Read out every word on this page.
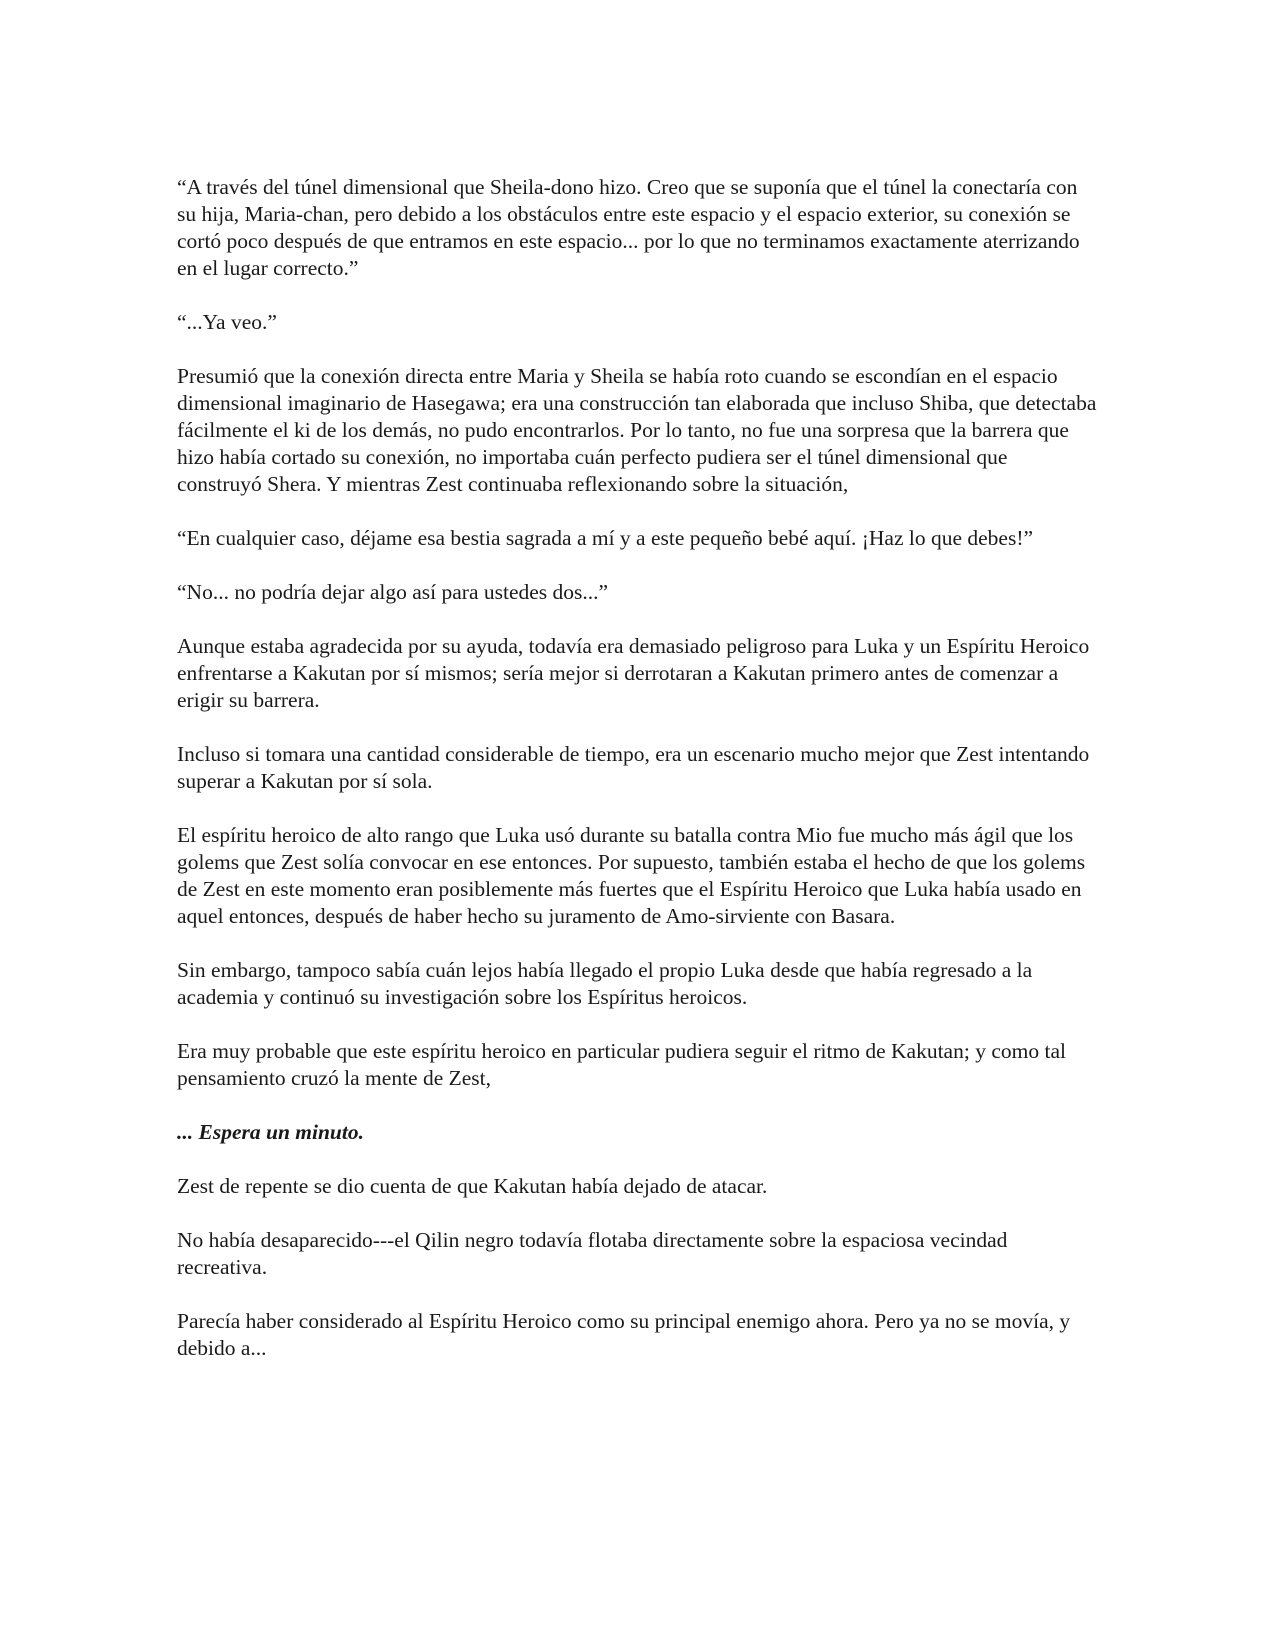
“A través del túnel dimensional que Sheila-dono hizo. Creo que se suponía que el túnel la conectaría con su hija, Maria-chan, pero debido a los obstáculos entre este espacio y el espacio exterior, su conexión se cortó poco después de que entramos en este espacio... por lo que no terminamos exactamente aterrizando en el lugar correcto.”

“...Ya veo.”

Presumió que la conexión directa entre Maria y Sheila se había roto cuando se escondían en el espacio dimensional imaginario de Hasegawa; era una construcción tan elaborada que incluso Shiba, que detectaba fácilmente el ki de los demás, no pudo encontrarlos. Por lo tanto, no fue una sorpresa que la barrera que hizo había cortado su conexión, no importaba cuán perfecto pudiera ser el túnel dimensional que construyó Shera. Y mientras Zest continuaba reflexionando sobre la situación,

“En cualquier caso, déjame esa bestia sagrada a mí y a este pequeño bebé aquí. ¡Haz lo que debes!”

“No... no podría dejar algo así para ustedes dos...”

Aunque estaba agradecida por su ayuda, todavía era demasiado peligroso para Luka y un Espíritu Heroico enfrentarse a Kakutan por sí mismos; sería mejor si derrotaran a Kakutan primero antes de comenzar a erigir su barrera.

Incluso si tomara una cantidad considerable de tiempo, era un escenario mucho mejor que Zest intentando superar a Kakutan por sí sola.

El espíritu heroico de alto rango que Luka usó durante su batalla contra Mio fue mucho más ágil que los golems que Zest solía convocar en ese entonces. Por supuesto, también estaba el hecho de que los golems de Zest en este momento eran posiblemente más fuertes que el Espíritu Heroico que Luka había usado en aquel entonces, después de haber hecho su juramento de Amo-sirviente con Basara.

Sin embargo, tampoco sabía cuán lejos había llegado el propio Luka desde que había regresado a la academia y continuó su investigación sobre los Espíritus heroicos.

Era muy probable que este espíritu heroico en particular pudiera seguir el ritmo de Kakutan; y como tal pensamiento cruzó la mente de Zest,

... Espera un minuto.

Zest de repente se dio cuenta de que Kakutan había dejado de atacar.

No había desaparecido---el Qilin negro todavía flotaba directamente sobre la espaciosa vecindad recreativa.

Parecía haber considerado al Espíritu Heroico como su principal enemigo ahora. Pero ya no se movía, y debido a...
